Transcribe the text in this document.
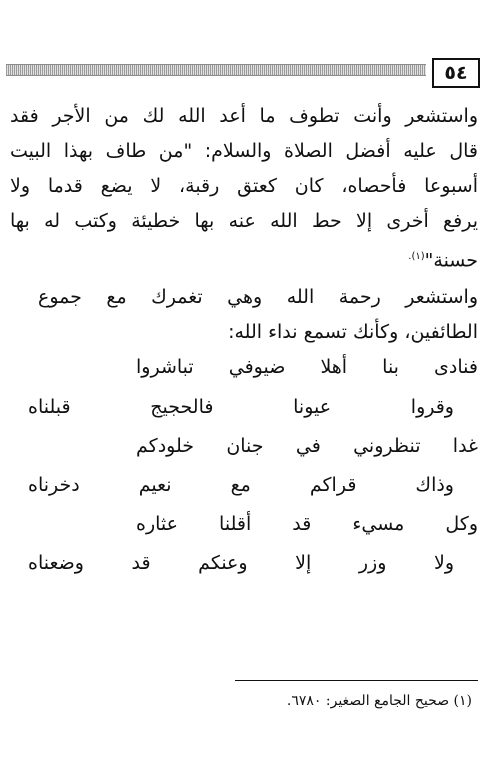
٥٤
واستشعر وأنت تطوف ما أعد الله لك من الأجر فقد
قال عليه أفضل الصلاة والسلام: "من طاف بهذا البيت
أسبوعا فأحصاه، كان كعتق رقبة، لا يضع قدما ولا
يرفع أخرى إلا حط الله عنه بها خطيئة وكتب له بها
حسنة"$^{(١).}$
واستشعر رحمة الله وهي تغمرك مع جموع
الطائفين، وكأنك تسمع نداء الله:
فنادى بنا أهلا ضيوفي تباشروا
وقروا عيونا فالحجيج قبلناه
غدا تنظروني في جنان خلودكم
وذاك قراكم مع نعيم دخرناه
وكل مسيء قد أقلنا عثاره
ولا وزر إلا وعنكم قد وضعناه
(١) صحيح الجامع الصغير: ٦٧٨٠.
